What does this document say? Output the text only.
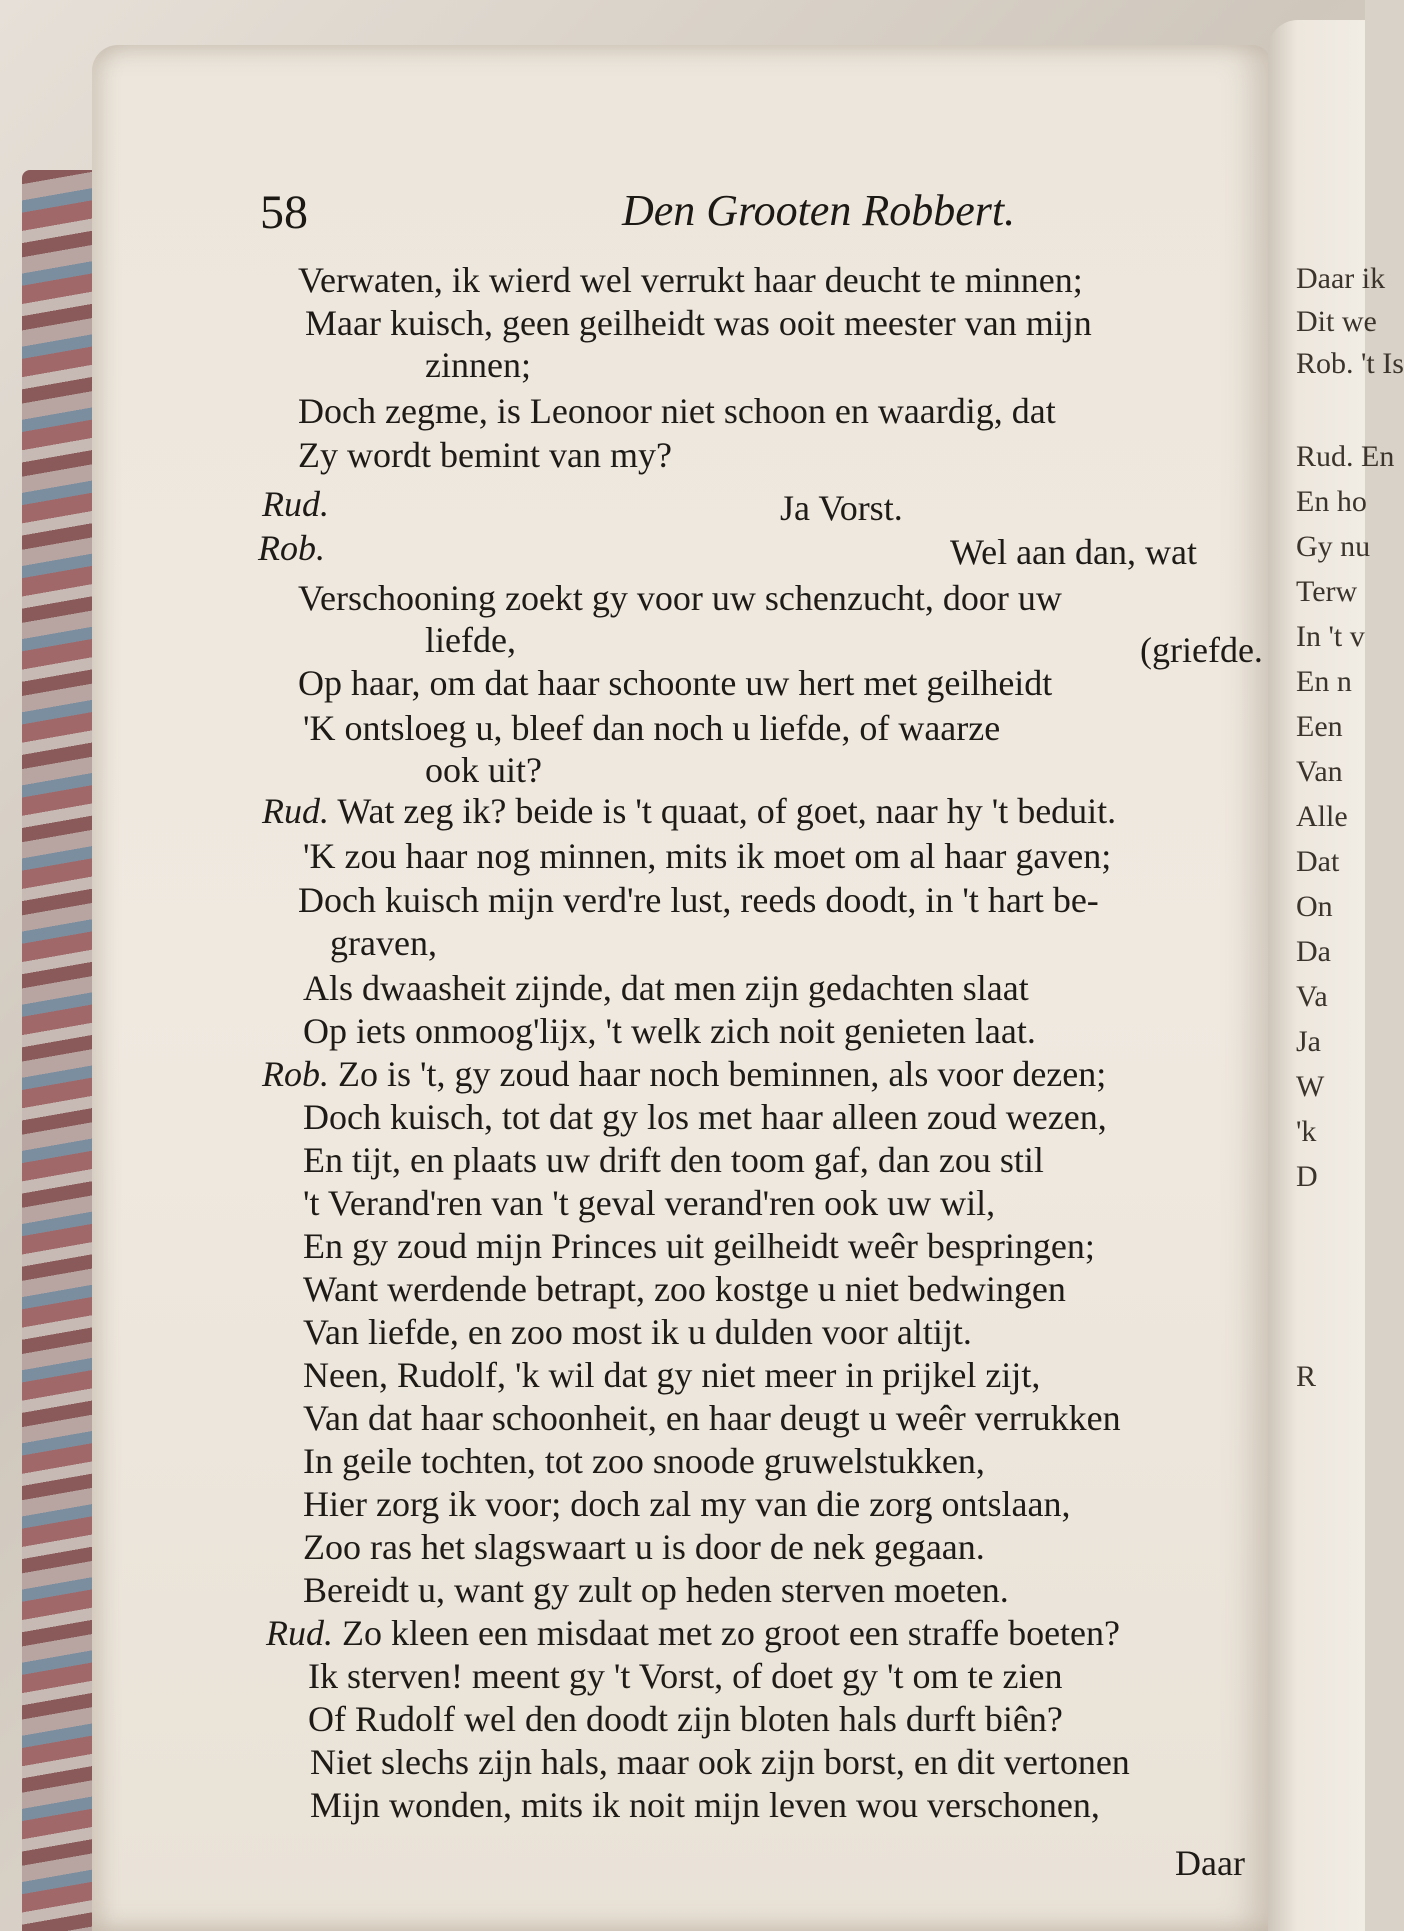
Daar ik
Dit we
Rob. 't Is
Rud. En
En ho
Gy nu
Terw
In 't v
En n
Een
Van
Alle
Dat
On
Da
Va
Ja
W
'k
D
R
58	Den Grooten Robbert.
Verwaten, ik wierd wel verrukt haar deucht te minnen;
Maar kuisch, geen geilheidt was ooit meester van mijn
zinnen;
Doch zegme, is Leonoor niet schoon en waardig, dat
Zy wordt bemint van my?
Rud.	Ja Vorst.
Rob.	Wel aan dan, wat
Verschooning zoekt gy voor uw schenzucht, door uw
liefde,	(griefde.
Op haar, om dat haar schoonte uw hert met geilheidt
'K ontsloeg u, bleef dan noch u liefde, of waarze
ook uit?
Rud. Wat zeg ik? beide is 't quaat, of goet, naar hy 't beduit.
'K zou haar nog minnen, mits ik moet om al haar gaven;
Doch kuisch mijn verd're lust, reeds doodt, in 't hart be-
graven,
Als dwaasheit zijnde, dat men zijn gedachten slaat
Op iets onmoog'lijx, 't welk zich noit genieten laat.
Rob. Zo is 't, gy zoud haar noch beminnen, als voor dezen;
Doch kuisch, tot dat gy los met haar alleen zoud wezen,
En tijt, en plaats uw drift den toom gaf, dan zou stil
't Verand'ren van 't geval verand'ren ook uw wil,
En gy zoud mijn Princes uit geilheidt weêr bespringen;
Want werdende betrapt, zoo kostge u niet bedwingen
Van liefde, en zoo most ik u dulden voor altijt.
Neen, Rudolf, 'k wil dat gy niet meer in prijkel zijt,
Van dat haar schoonheit, en haar deugt u weêr verrukken
In geile tochten, tot zoo snoode gruwelstukken,
Hier zorg ik voor; doch zal my van die zorg ontslaan,
Zoo ras het slagswaart u is door de nek gegaan.
Bereidt u, want gy zult op heden sterven moeten.
Rud. Zo kleen een misdaat met zo groot een straffe boeten?
Ik sterven! meent gy 't Vorst, of doet gy 't om te zien
Of Rudolf wel den doodt zijn bloten hals durft biên?
Niet slechs zijn hals, maar ook zijn borst, en dit vertonen
Mijn wonden, mits ik noit mijn leven wou verschonen,
Daar
